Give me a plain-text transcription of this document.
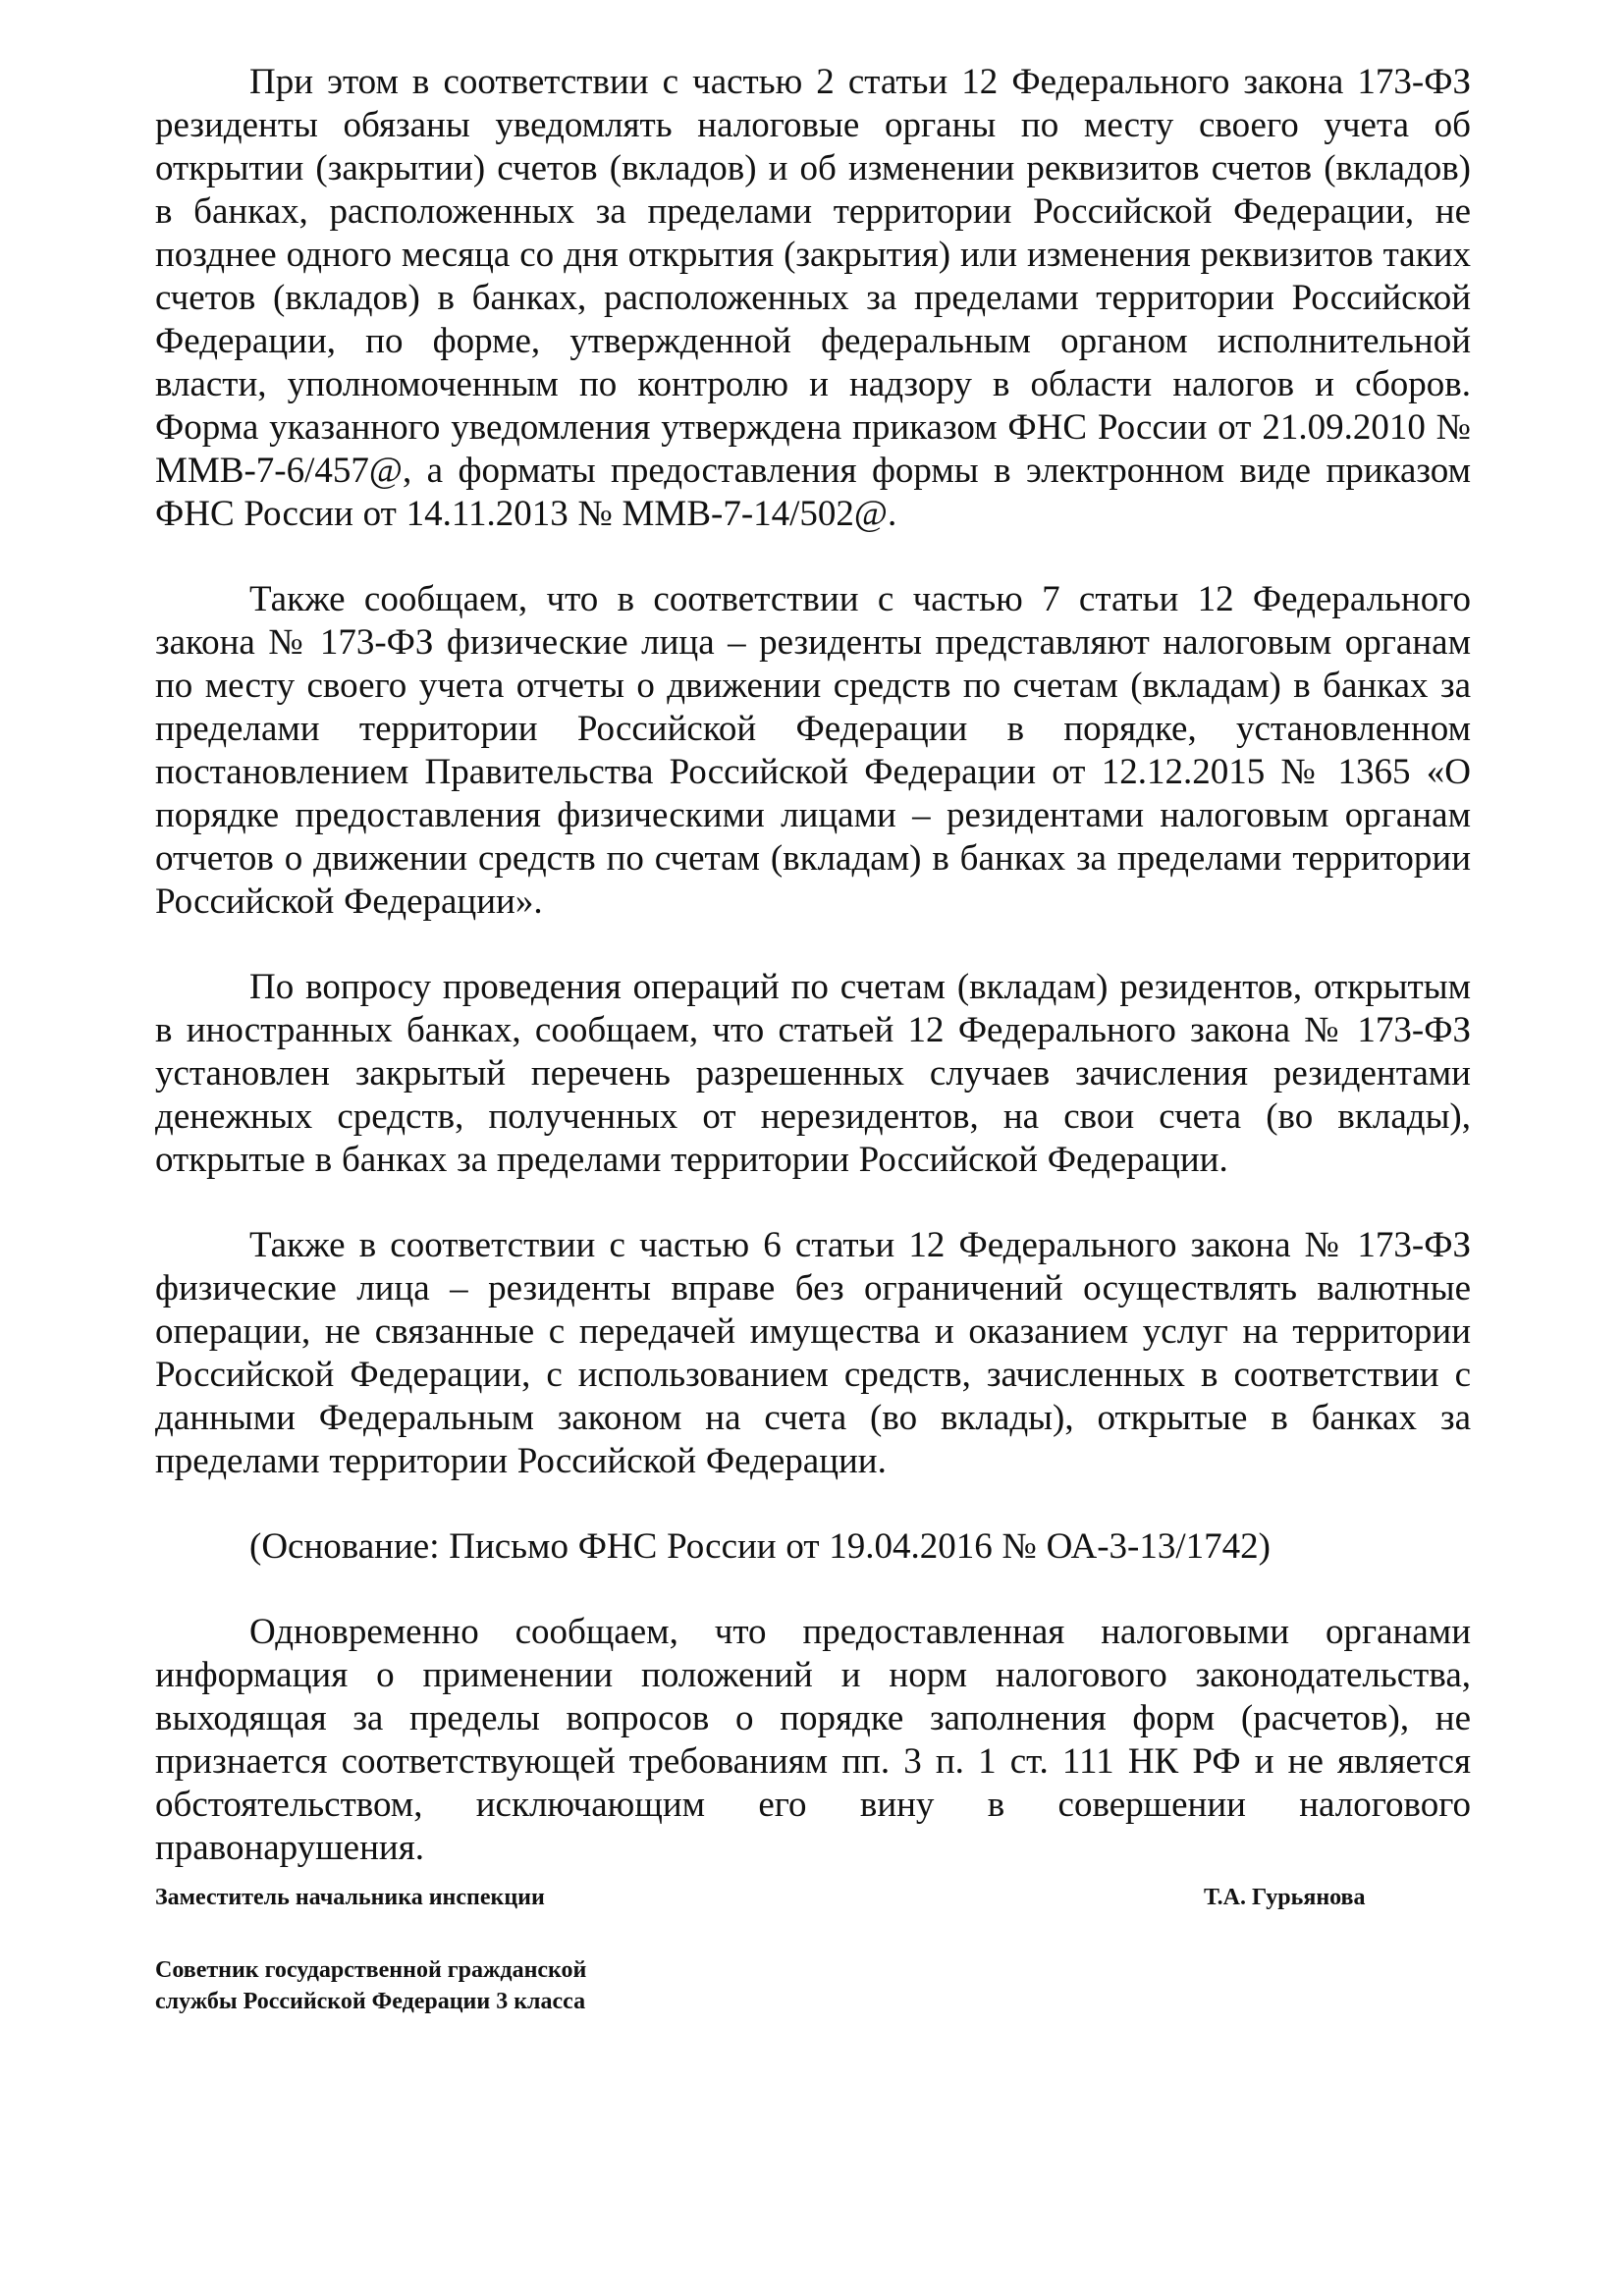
При этом в соответствии с частью 2 статьи 12 Федерального закона 173-ФЗ резиденты обязаны уведомлять налоговые органы по месту своего учета об открытии (закрытии) счетов (вкладов) и об изменении реквизитов счетов (вкладов) в банках, расположенных за пределами территории Российской Федерации, не позднее одного месяца со дня открытия (закрытия) или изменения реквизитов таких счетов (вкладов) в банках, расположенных за пределами территории Российской Федерации, по форме, утвержденной федеральным органом исполнительной власти, уполномоченным по контролю и надзору в области налогов и сборов. Форма указанного уведомления утверждена приказом ФНС России от 21.09.2010 № ММВ-7-6/457@, а форматы предоставления формы в электронном виде приказом ФНС России от 14.11.2013 № ММВ-7-14/502@.

Также сообщаем, что в соответствии с частью 7 статьи 12 Федерального закона № 173-ФЗ физические лица – резиденты представляют налоговым органам по месту своего учета отчеты о движении средств по счетам (вкладам) в банках за пределами территории Российской Федерации в порядке, установленном постановлением Правительства Российской Федерации от 12.12.2015 № 1365 «О порядке предоставления физическими лицами – резидентами налоговым органам отчетов о движении средств по счетам (вкладам) в банках за пределами территории Российской Федерации».

По вопросу проведения операций по счетам (вкладам) резидентов, открытым в иностранных банках, сообщаем, что статьей 12 Федерального закона № 173-ФЗ установлен закрытый перечень разрешенных случаев зачисления резидентами денежных средств, полученных от нерезидентов, на свои счета (во вклады), открытые в банках за пределами территории Российской Федерации.

Также в соответствии с частью 6 статьи 12 Федерального закона № 173-ФЗ физические лица – резиденты вправе без ограничений осуществлять валютные операции, не связанные с передачей имущества и оказанием услуг на территории Российской Федерации, с использованием средств, зачисленных в соответствии с данными Федеральным законом на счета (во вклады), открытые в банках за пределами территории Российской Федерации.

(Основание: Письмо ФНС России от 19.04.2016 № ОА-3-13/1742)

Одновременно сообщаем, что предоставленная налоговыми органами информация о применении положений и норм налогового законодательства, выходящая за пределы вопросов о порядке заполнения форм (расчетов), не признается соответствующей требованиям пп. 3 п. 1 ст. 111 НК РФ и не является обстоятельством, исключающим его вину в совершении налогового правонарушения.

Заместитель начальника инспекции	Т.А. Гурьянова
Советник государственной гражданской
службы Российской Федерации 3 класса
